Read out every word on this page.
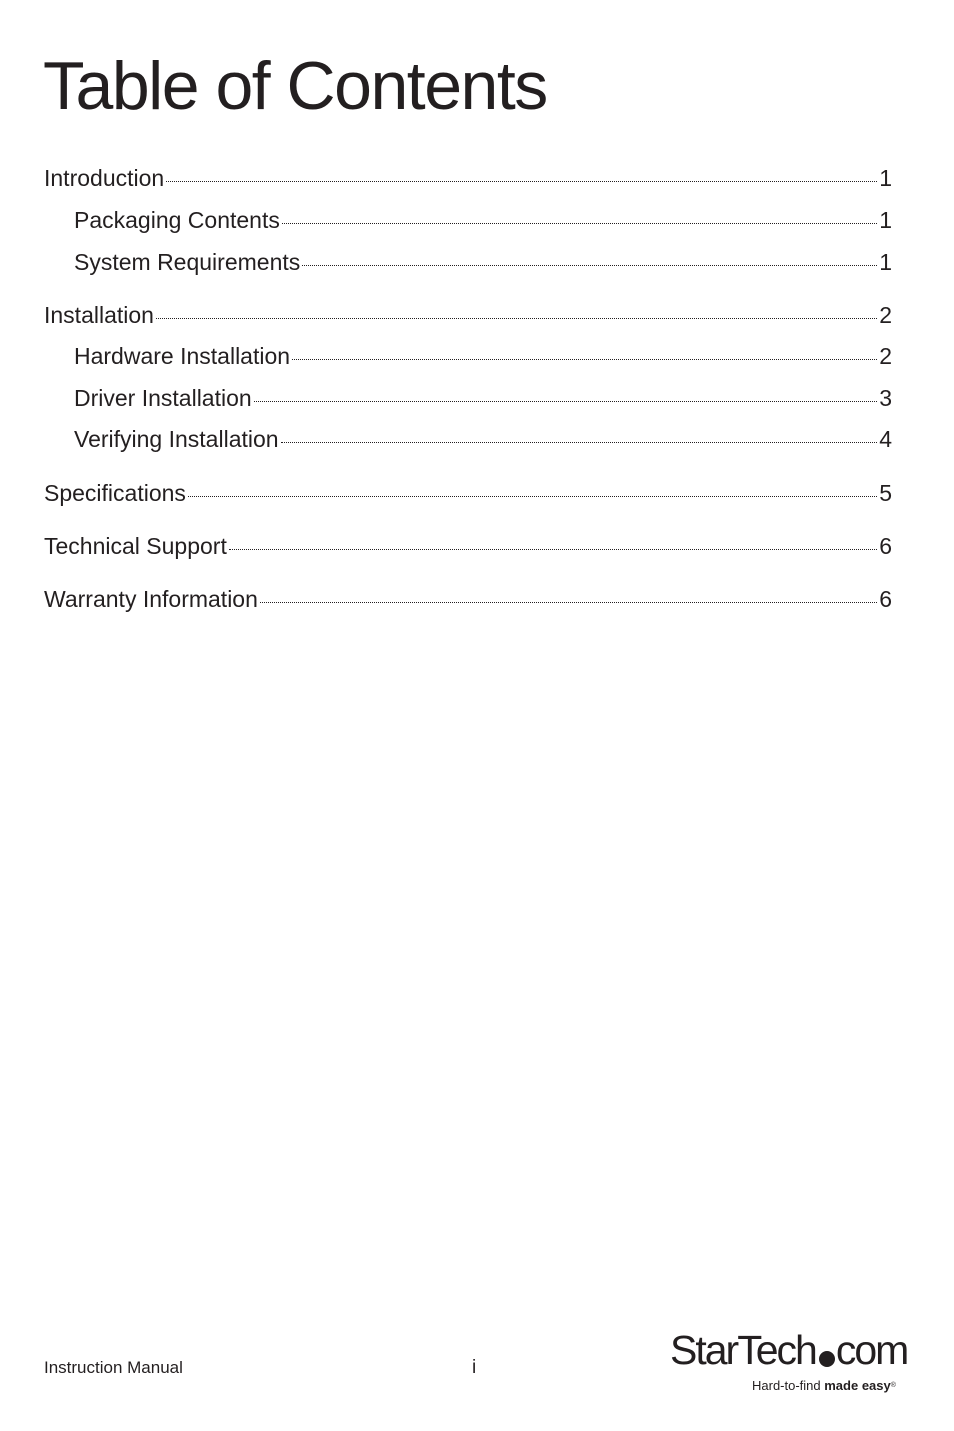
Table of Contents
Introduction	1
Packaging Contents	1
System Requirements	1
Installation	2
Hardware Installation	2
Driver Installation	3
Verifying Installation	4
Specifications	5
Technical Support	6
Warranty Information	6
Instruction Manual	i	StarTech com
Hard-to-find made easy®
